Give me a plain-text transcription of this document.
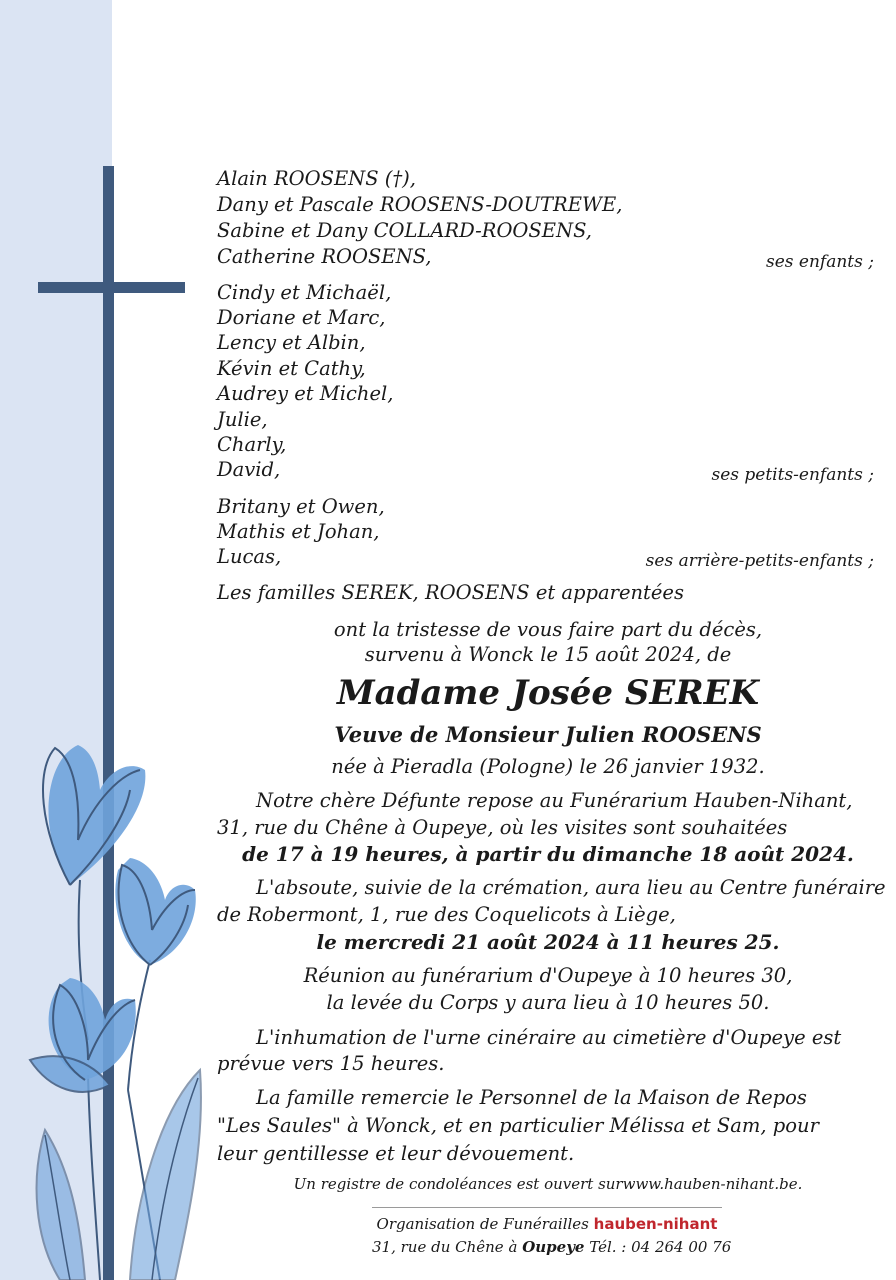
Alain ROOSENS (†),
Dany et Pascale ROOSENS-DOUTREWE,
Sabine et Dany COLLARD-ROOSENS,
Catherine ROOSENS,	ses enfants ;
Cindy et Michaël,
Doriane et Marc,
Lency et Albin,
Kévin et Cathy,
Audrey et Michel,
Julie,
Charly,
David,	ses petits-enfants ;
Britany et Owen,
Mathis et Johan,
Lucas,	ses arrière-petits-enfants ;
Les familles SEREK, ROOSENS et apparentées
ont la tristesse de vous faire part du décès,
survenu à Wonck le 15 août 2024, de
Madame Josée SEREK
Veuve de Monsieur Julien ROOSENS
née à Pieradla (Pologne) le 26 janvier 1932.
Notre chère Défunte repose au Funérarium Hauben-Nihant,
31, rue du Chêne à Oupeye, où les visites sont souhaitées
de 17 à 19 heures, à partir du dimanche 18 août 2024.
L'absoute, suivie de la crémation, aura lieu au Centre funéraire
de Robermont, 1, rue des Coquelicots à Liège,
le mercredi 21 août 2024 à 11 heures 25.
Réunion au funérarium d'Oupeye à 10 heures 30,
la levée du Corps y aura lieu à 10 heures 50.
L'inhumation de l'urne cinéraire au cimetière d'Oupeye est
prévue vers 15 heures.
La famille remercie le Personnel de la Maison de Repos
"Les Saules" à Wonck, et en particulier Mélissa et Sam, pour
leur gentillesse et leur dévouement.
Un registre de condoléances est ouvert surwww.hauben-nihant.be.
Organisation de Funérailles hauben-nihant
31, rue du Chêne à Oupeye Tél. : 04 264 00 76
